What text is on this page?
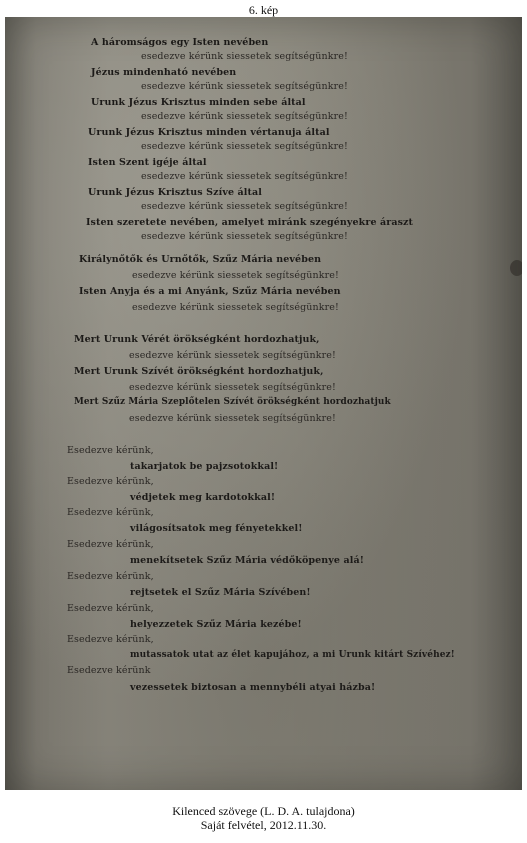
6. kép
A háromságos egy Isten nevében
esedezve kérünk siessetek segítségünkre!
Jézus mindenható nevében
esedezve kérünk siessetek segítségünkre!
Urunk Jézus Krisztus minden sebe által
esedezve kérünk siessetek segítségünkre!
Urunk Jézus Krisztus minden vértanuja által
esedezve kérünk siessetek segítségünkre!
Isten Szent igéje által
esedezve kérünk siessetek segítségünkre!
Urunk Jézus Krisztus Szíve által
esedezve kérünk siessetek segítségünkre!
Isten szeretete nevében, amelyet miránk szegényekre áraszt
esedezve kérünk siessetek segítségünkre!
Királynőtők és Urnőtők, Szűz Mária nevében
esedezve kérünk siessetek segítségünkre!
Isten Anyja és a mi Anyánk, Szűz Mária nevében
esedezve kérünk siessetek segítségünkre!
Mert Urunk Vérét örökségként hordozhatjuk,
esedezve kérünk siessetek segítségünkre!
Mert Urunk Szívét örökségként hordozhatjuk,
esedezve kérünk siessetek segítségünkre!
Mert Szűz Mária Szeplőtelen Szívét örökségként hordozhatjuk
esedezve kérünk siessetek segítségünkre!
Esedezve kérünk,
takarjatok be pajzsotokkal!
Esedezve kérünk,
védjetek meg kardotokkal!
Esedezve kérünk,
világosítsatok meg fényetekkel!
Esedezve kérünk,
menekítsetek Szűz Mária védőköpenye alá!
Esedezve kérünk,
rejtsetek el Szűz Mária Szívében!
Esedezve kérünk,
helyezzetek Szűz Mária kezébe!
Esedezve kérünk,
mutassatok utat az élet kapujához, a mi Urunk kitárt Szívéhez!
Esedezve kérünk
vezessetek biztosan a mennybéli atyai házba!
Kilenced szövege (L. D. A. tulajdona)
Saját felvétel, 2012.11.30.
